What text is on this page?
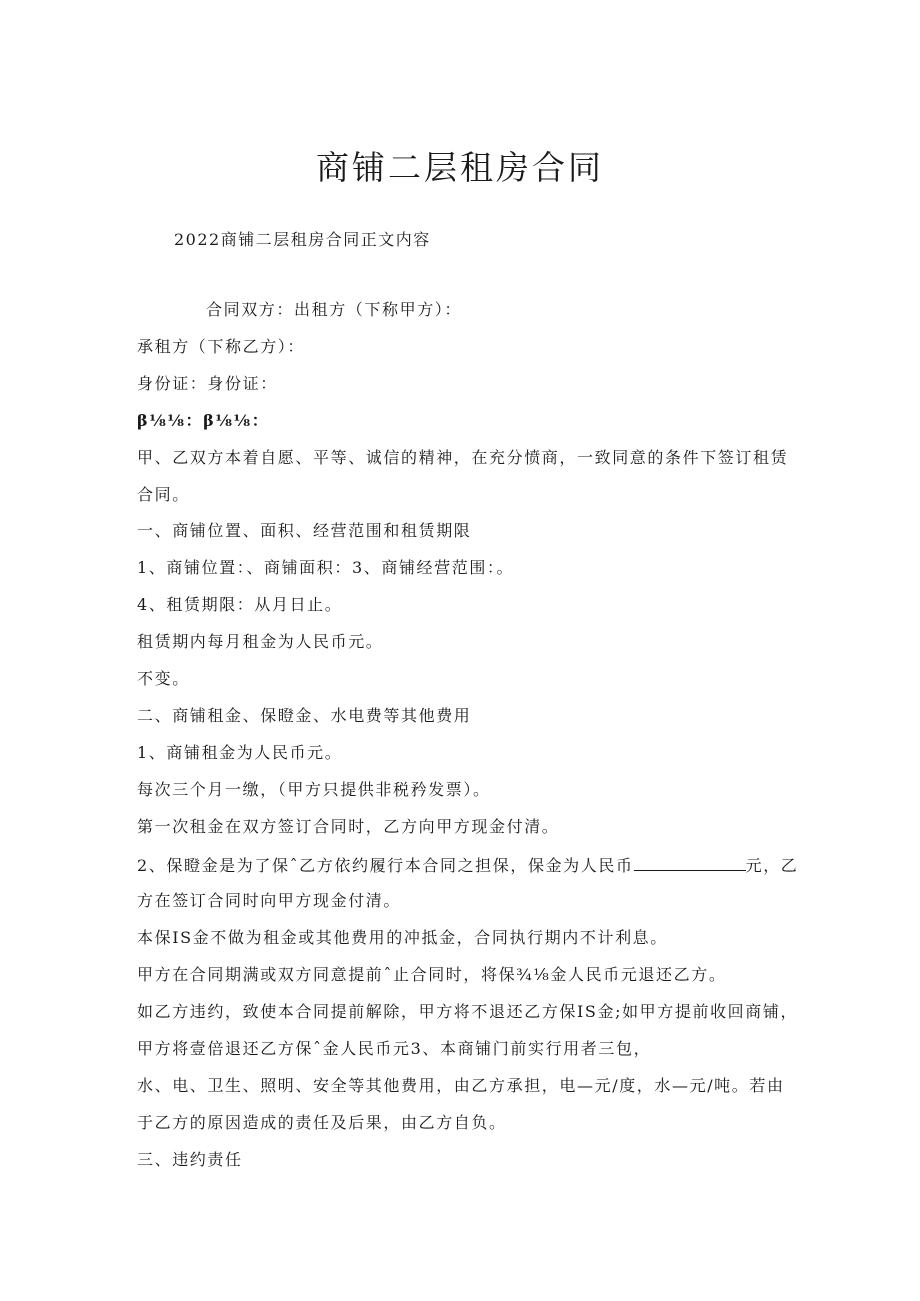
商铺二层租房合同
2022商铺二层租房合同正文内容
合同双方：出租方（下称甲方）：
承租方（下称乙方）：
身份证：身份证：
β⅛⅛：β⅛⅛：
甲、乙双方本着自愿、平等、诚信的精神，在充分愤商，一致同意的条件下签订租赁
合同。
一、商铺位置、面积、经营范围和租赁期限
1、商铺位置：、商铺面积：3、商铺经营范围：。
4、租赁期限：从月日止。
租赁期内每月租金为人民币元。
不变。
二、商铺租金、保瞪金、水电费等其他费用
1、商铺租金为人民币元。
每次三个月一缴，（甲方只提供非税矜发票）。
第一次租金在双方签订合同时，乙方向甲方现金付清。
2、保瞪金是为了保ˆ乙方依约履行本合同之担保，保金为人民币	元，乙
方在签订合同时向甲方现金付清。
本保IS金不做为租金或其他费用的冲抵金，合同执行期内不计利息。
甲方在合同期满或双方同意提前ˆ止合同时，将保¾⅛金人民币元退还乙方。
如乙方违约，致使本合同提前解除，甲方将不退还乙方保IS金;如甲方提前收回商铺，
甲方将壹倍退还乙方保ˆ金人民币元3、本商铺门前实行用者三包，
水、电、卫生、照明、安全等其他费用，由乙方承担，电—元/度，水—元/吨。若由
于乙方的原因造成的责任及后果，由乙方自负。
三、违约责任
